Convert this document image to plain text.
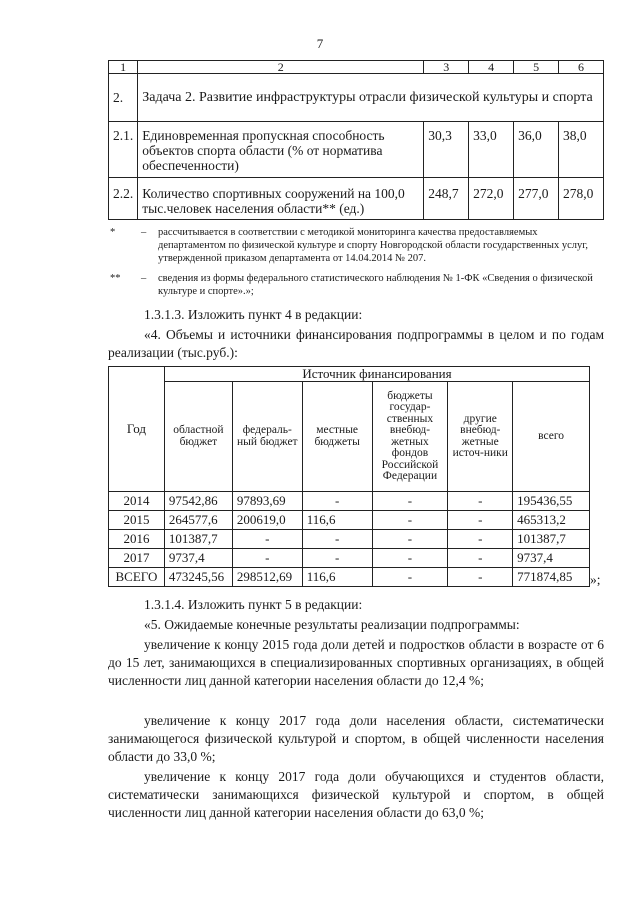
7
1	2	3	4	5	6
2.	Задача 2. Развитие инфраструктуры отрасли физической культуры и спорта				
2.1.	Единовременная пропускная способность объектов спорта области (% от норматива обеспеченности)	30,3	33,0	36,0	38,0
2.2.	Количество спортивных сооружений на 100,0 тыс.человек населения области** (ед.)	248,7	272,0	277,0	278,0
* – рассчитывается в соответствии с методикой мониторинга качества предоставляемых департаментом по физической культуре и спорту Новгородской области государственных услуг, утвержденной приказом департамента от 14.04.2014 № 207.
** – сведения из формы федерального статистического наблюдения № 1-ФК «Сведения о физической культуре и спорте».»;
1.3.1.3. Изложить пункт 4 в редакции:
«4. Объемы и источники финансирования подпрограммы в целом и по годам реализации (тыс.руб.):
Год	Источник финансирования					
	областной бюджет	федераль-ный бюджет	местные бюджеты	бюджеты государ-ственных внебюд-жетных фондов Российской Федерации	другие внебюд-жетные источ-ники	всего
2014	97542,86	97893,69	-	-	-	195436,55
2015	264577,6	200619,0	116,6	-	-	465313,2
2016	101387,7	-	-	-	-	101387,7
2017	9737,4	-	-	-	-	9737,4
ВСЕГО	473245,56	298512,69	116,6	-	-	771874,85 »;
1.3.1.4. Изложить пункт 5 в редакции:
«5. Ожидаемые конечные результаты реализации подпрограммы:
увеличение к концу 2015 года доли детей и подростков области в возрасте от 6 до 15 лет, занимающихся в специализированных спортивных организациях, в общей численности лиц данной категории населения области до 12,4 %;
увеличение к концу 2017 года доли населения области, систематически занимающегося физической культурой и спортом, в общей численности населения области до 33,0 %;
увеличение к концу 2017 года доли обучающихся и студентов области, систематически занимающихся физической культурой и спортом, в общей численности лиц данной категории населения области до 63,0 %;
